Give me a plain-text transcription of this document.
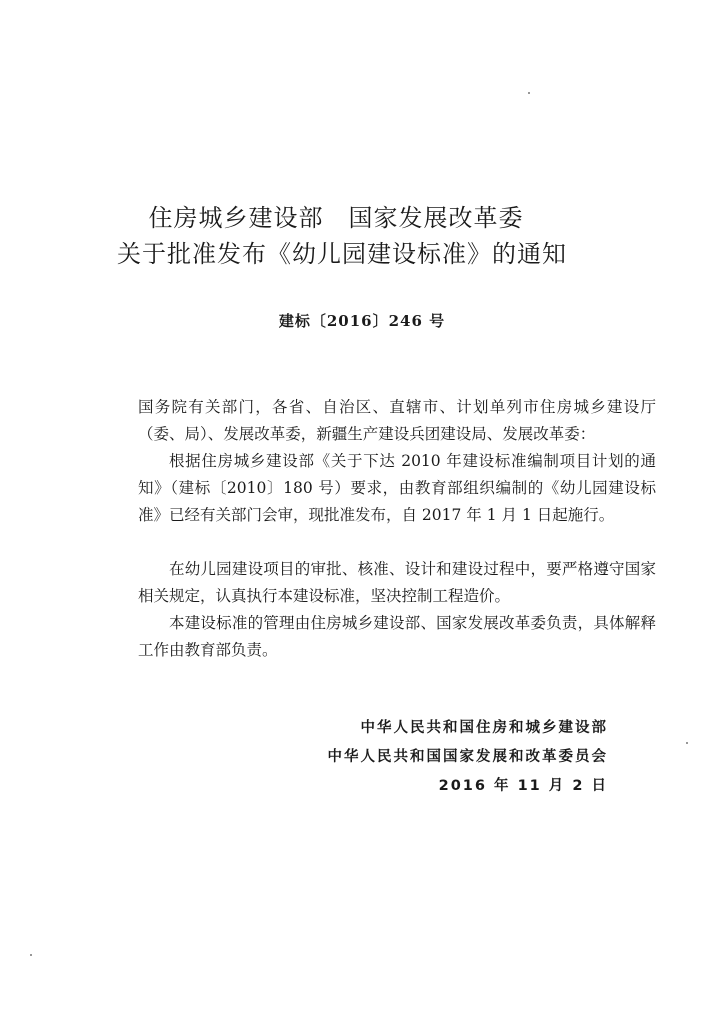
住房城乡建设部　国家发展改革委
关于批准发布《幼儿园建设标准》的通知
建标〔2016〕246 号
国务院有关部门，各省、自治区、直辖市、计划单列市住房城乡建设厅（委、局）、发展改革委，新疆生产建设兵团建设局、发展改革委：
根据住房城乡建设部《关于下达 2010 年建设标准编制项目计划的通知》（建标〔2010〕180 号）要求，由教育部组织编制的《幼儿园建设标准》已经有关部门会审，现批准发布，自 2017 年 1 月 1 日起施行。
在幼儿园建设项目的审批、核准、设计和建设过程中，要严格遵守国家相关规定，认真执行本建设标准，坚决控制工程造价。
本建设标准的管理由住房城乡建设部、国家发展改革委负责，具体解释工作由教育部负责。
中华人民共和国住房和城乡建设部
中华人民共和国国家发展和改革委员会
2016 年 11 月 2 日
